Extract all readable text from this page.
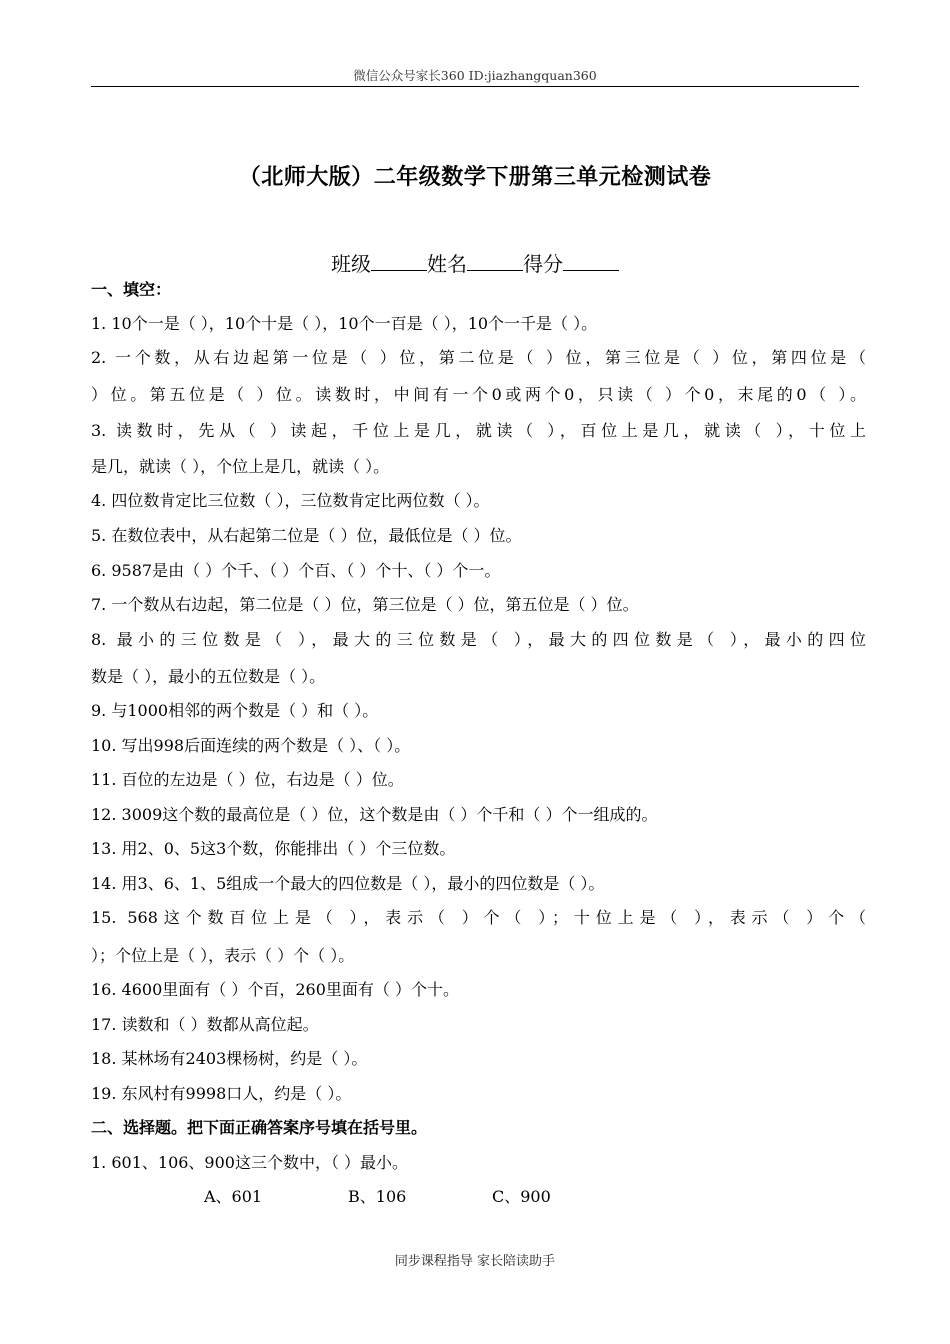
微信公众号家长360 ID:jiazhangquan360
（北师大版）二年级数学下册第三单元检测试卷
班级	姓名	得分
一、填空：
1. 10个一是（ ），10个十是（ ），10个一百是（ ），10个一千是（ ）。
2. 一个数，从右边起第一位是（ ）位，第二位是（ ）位，第三位是（ ）位，第四位是（
）位。第五位是（ ）位。读数时，中间有一个0或两个0，只读（ ）个0，末尾的0（ ）。
3. 读数时，先从（ ）读起，千位上是几，就读（ ），百位上是几，就读（ ），十位上
是几，就读（ ），个位上是几，就读（ ）。
4. 四位数肯定比三位数（ ），三位数肯定比两位数（ ）。
5. 在数位表中，从右起第二位是（ ）位，最低位是（ ）位。
6. 9587是由（ ）个千、（ ）个百、（ ）个十、（ ）个一。
7. 一个数从右边起，第二位是（ ）位，第三位是（ ）位，第五位是（ ）位。
8. 最小的三位数是（ ），最大的三位数是（ ），最大的四位数是（ ），最小的四位
数是（ ），最小的五位数是（ ）。
9. 与1000相邻的两个数是（ ）和（ ）。
10. 写出998后面连续的两个数是（ ）、（ ）。
11. 百位的左边是（ ）位，右边是（ ）位。
12. 3009这个数的最高位是（ ）位，这个数是由（ ）个千和（ ）个一组成的。
13. 用2、0、5这3个数，你能排出（ ）个三位数。
14. 用3、6、1、5组成一个最大的四位数是（ ），最小的四位数是（ ）。
15. 568这个数百位上是（ ），表示（ ）个（ ）；十位上是（ ），表示（ ）个（
）；个位上是（ ），表示（ ）个（ ）。
16. 4600里面有（ ）个百，260里面有（ ）个十。
17. 读数和（ ）数都从高位起。
18. 某林场有2403棵杨树，约是（ ）。
19. 东风村有9998口人，约是（ ）。
二、选择题。把下面正确答案序号填在括号里。
1. 601、106、900这三个数中，（ ）最小。
A、601	B、106	C、900
同步课程指导 家长陪读助手
